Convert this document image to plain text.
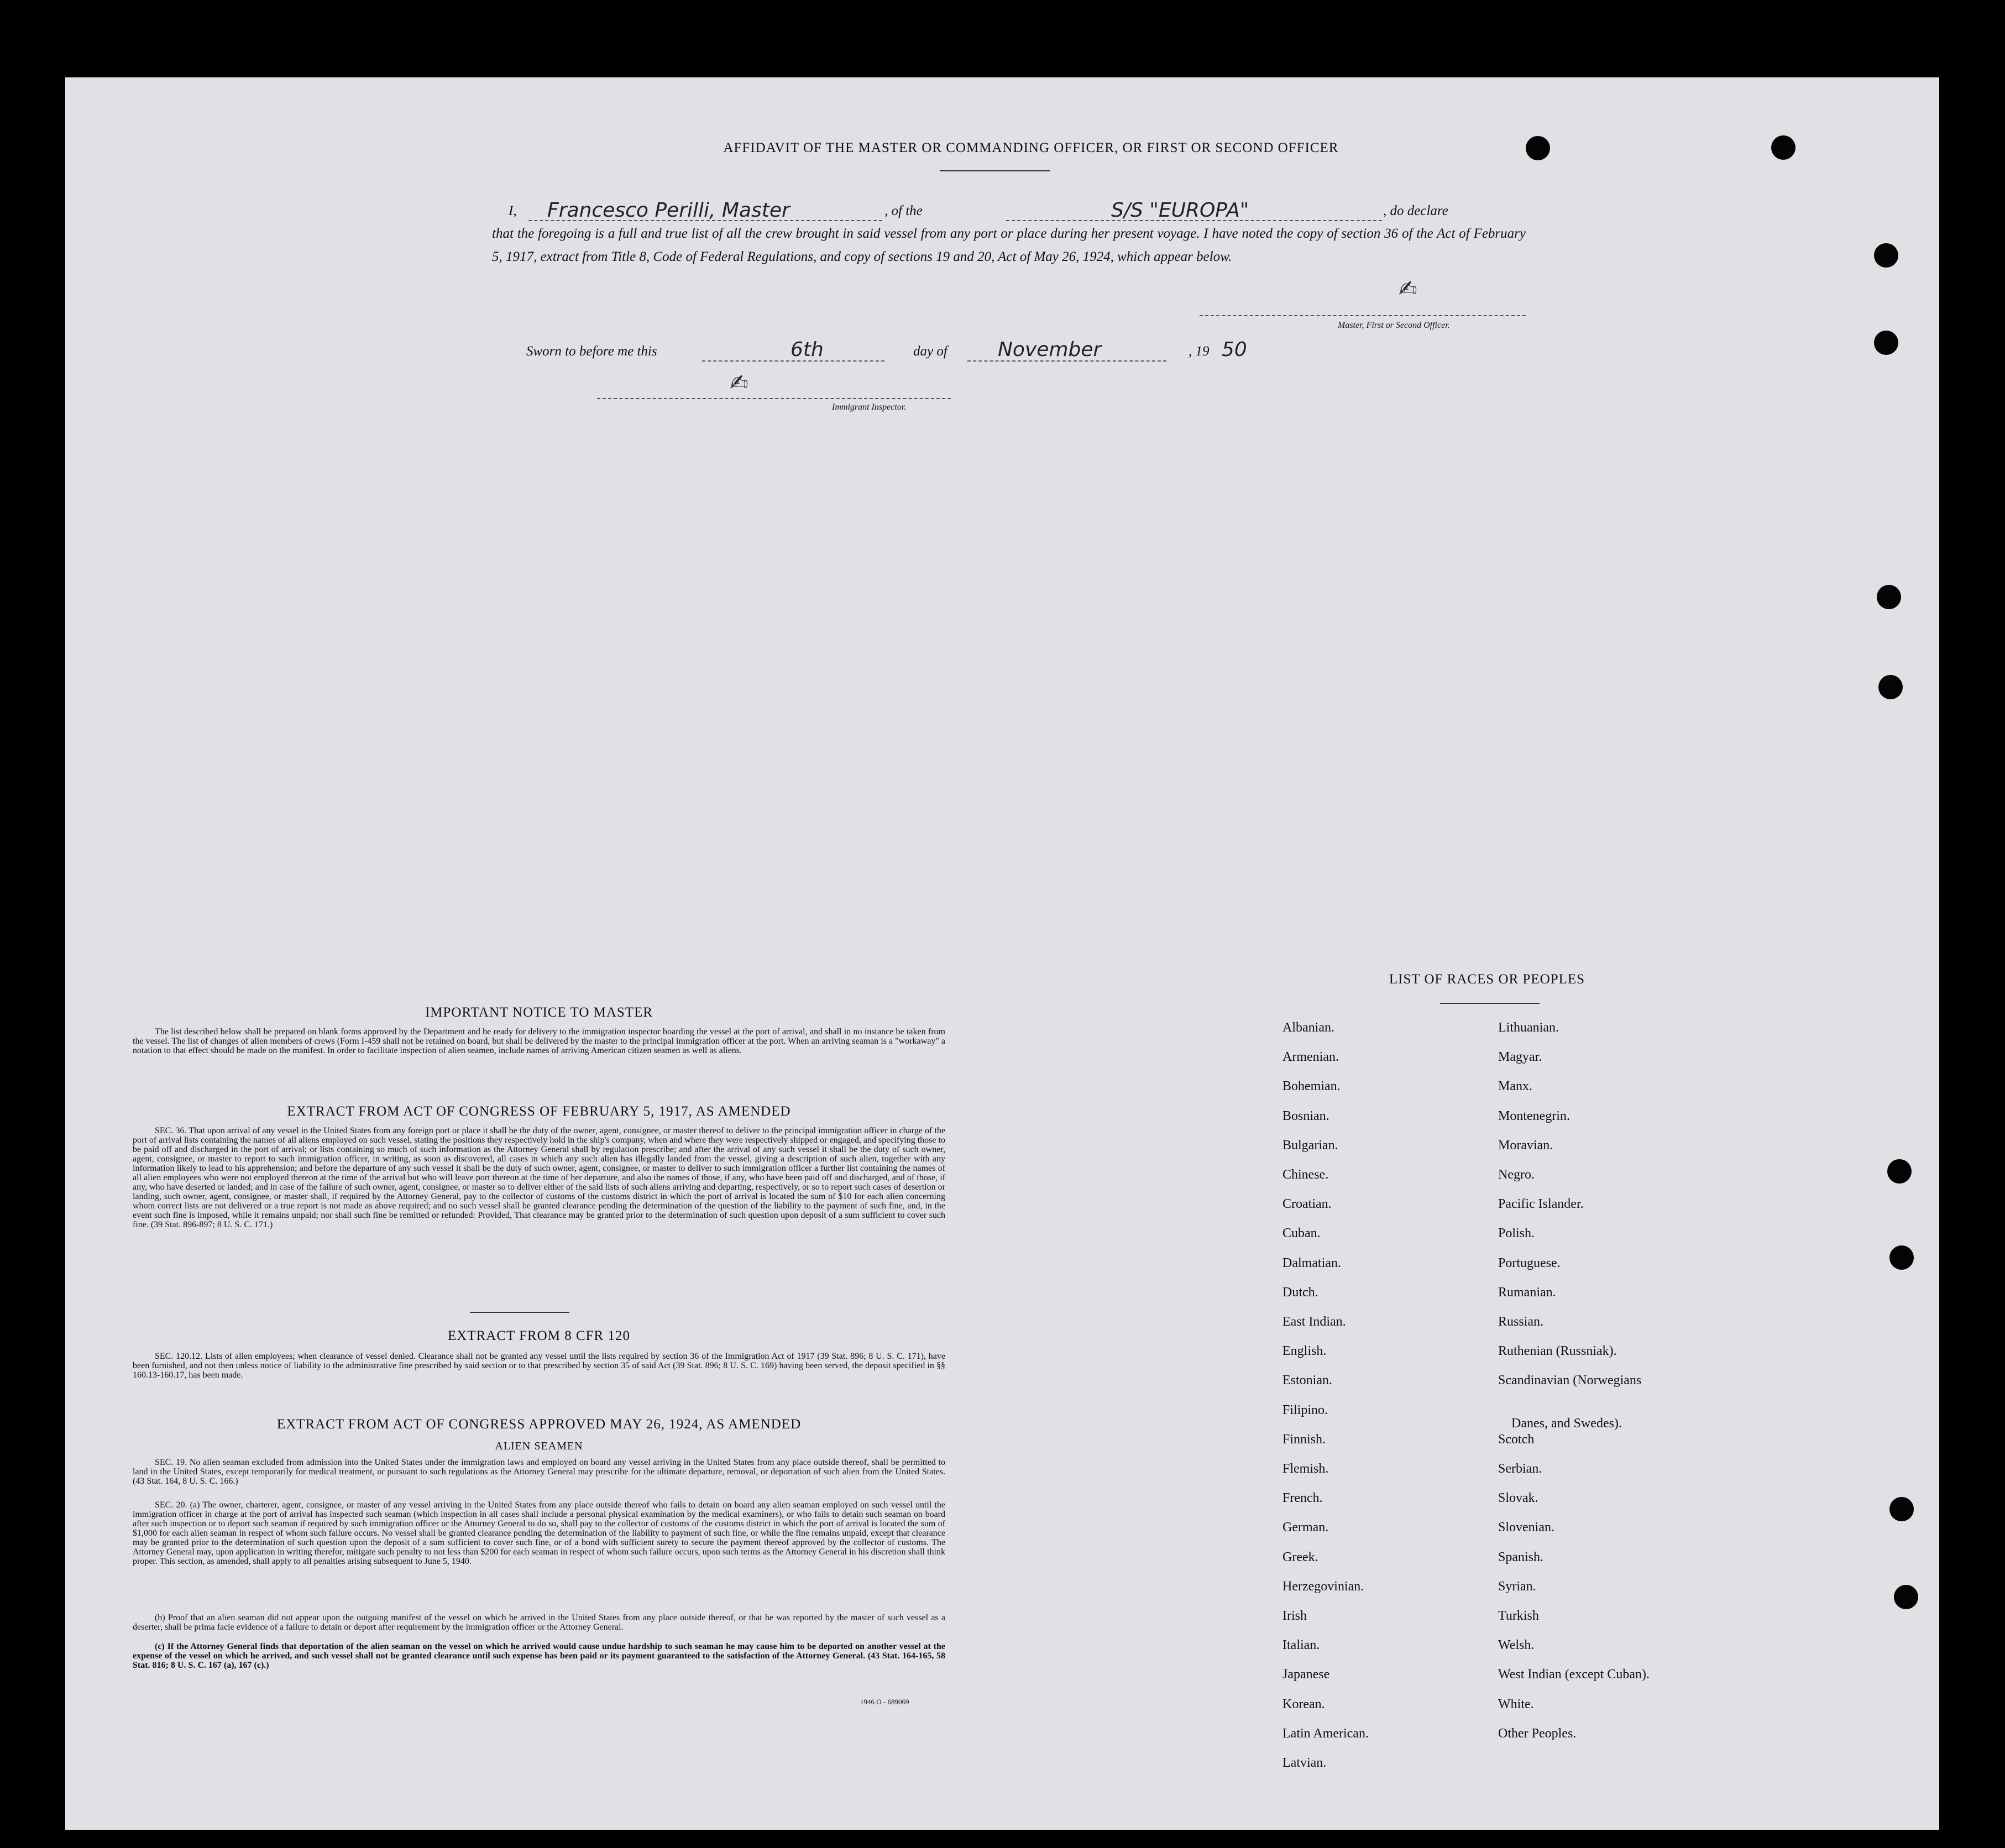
AFFIDAVIT OF THE MASTER OR COMMANDING OFFICER, OR FIRST OR SECOND OFFICER
I, Francesco Perilli, Master	, of the	S/S "EUROPA"	, do declare
that the foregoing is a full and true list of all the crew brought in said vessel from any port or place during her present voyage. I have noted the copy of section 36 of the Act of February 5, 1917, extract from Title 8, Code of Federal Regulations, and copy of sections 19 and 20, Act of May 26, 1924, which appear below.
✍
Master, First or Second Officer.
Sworn to before me this	6th	day of	November	, 19 50
✍
Immigrant Inspector.
IMPORTANT NOTICE TO MASTER
The list described below shall be prepared on blank forms approved by the Department and be ready for delivery to the immigration inspector boarding the vessel at the port of arrival, and shall in no instance be taken from the vessel. The list of changes of alien members of crews (Form I-459 shall not be retained on board, but shall be delivered by the master to the principal immigration officer at the port. When an arriving seaman is a "workaway" a notation to that effect should be made on the manifest. In order to facilitate inspection of alien seamen, include names of arriving American citizen seamen as well as aliens.
EXTRACT FROM ACT OF CONGRESS OF FEBRUARY 5, 1917, AS AMENDED
SEC. 36. That upon arrival of any vessel in the United States from any foreign port or place it shall be the duty of the owner, agent, consignee, or master thereof to deliver to the principal immigration officer in charge of the port of arrival lists containing the names of all aliens employed on such vessel, stating the positions they respectively hold in the ship's company, when and where they were respectively shipped or engaged, and specifying those to be paid off and discharged in the port of arrival; or lists containing so much of such information as the Attorney General shall by regulation prescribe; and after the arrival of any such vessel it shall be the duty of such owner, agent, consignee, or master to report to such immigration officer, in writing, as soon as discovered, all cases in which any such alien has illegally landed from the vessel, giving a description of such alien, together with any information likely to lead to his apprehension; and before the departure of any such vessel it shall be the duty of such owner, agent, consignee, or master to deliver to such immigration officer a further list containing the names of all alien employees who were not employed thereon at the time of the arrival but who will leave port thereon at the time of her departure, and also the names of those, if any, who have been paid off and discharged, and of those, if any, who have deserted or landed; and in case of the failure of such owner, agent, consignee, or master so to deliver either of the said lists of such aliens arriving and departing, respectively, or so to report such cases of desertion or landing, such owner, agent, consignee, or master shall, if required by the Attorney General, pay to the collector of customs of the customs district in which the port of arrival is located the sum of $10 for each alien concerning whom correct lists are not delivered or a true report is not made as above required; and no such vessel shall be granted clearance pending the determination of the question of the liability to the payment of such fine, and, in the event such fine is imposed, while it remains unpaid; nor shall such fine be remitted or refunded: Provided, That clearance may be granted prior to the determination of such question upon deposit of a sum sufficient to cover such fine. (39 Stat. 896-897; 8 U. S. C. 171.)
EXTRACT FROM 8 CFR 120
SEC. 120.12. Lists of alien employees; when clearance of vessel denied. Clearance shall not be granted any vessel until the lists required by section 36 of the Immigration Act of 1917 (39 Stat. 896; 8 U. S. C. 171), have been furnished, and not then unless notice of liability to the administrative fine prescribed by said section or to that prescribed by section 35 of said Act (39 Stat. 896; 8 U. S. C. 169) having been served, the deposit specified in §§ 160.13-160.17, has been made.
EXTRACT FROM ACT OF CONGRESS APPROVED MAY 26, 1924, AS AMENDED
ALIEN SEAMEN
SEC. 19. No alien seaman excluded from admission into the United States under the immigration laws and employed on board any vessel arriving in the United States from any place outside thereof, shall be permitted to land in the United States, except temporarily for medical treatment, or pursuant to such regulations as the Attorney General may prescribe for the ultimate departure, removal, or deportation of such alien from the United States. (43 Stat. 164, 8 U. S. C. 166.)
SEC. 20. (a) The owner, charterer, agent, consignee, or master of any vessel arriving in the United States from any place outside thereof who fails to detain on board any alien seaman employed on such vessel until the immigration officer in charge at the port of arrival has inspected such seaman (which inspection in all cases shall include a personal physical examination by the medical examiners), or who fails to detain such seaman on board after such inspection or to deport such seaman if required by such immigration officer or the Attorney General to do so, shall pay to the collector of customs of the customs district in which the port of arrival is located the sum of $1,000 for each alien seaman in respect of whom such failure occurs. No vessel shall be granted clearance pending the determination of the liability to payment of such fine, or while the fine remains unpaid, except that clearance may be granted prior to the determination of such question upon the deposit of a sum sufficient to cover such fine, or of a bond with sufficient surety to secure the payment thereof approved by the collector of customs. The Attorney General may, upon application in writing therefor, mitigate such penalty to not less than $200 for each seaman in respect of whom such failure occurs, upon such terms as the Attorney General in his discretion shall think proper. This section, as amended, shall apply to all penalties arising subsequent to June 5, 1940.
(b) Proof that an alien seaman did not appear upon the outgoing manifest of the vessel on which he arrived in the United States from any place outside thereof, or that he was reported by the master of such vessel as a deserter, shall be prima facie evidence of a failure to detain or deport after requirement by the immigration officer or the Attorney General.
(c) If the Attorney General finds that deportation of the alien seaman on the vessel on which he arrived would cause undue hardship to such seaman he may cause him to be deported on another vessel at the expense of the vessel on which he arrived, and such vessel shall not be granted clearance until such expense has been paid or its payment guaranteed to the satisfaction of the Attorney General. (43 Stat. 164-165, 58 Stat. 816; 8 U. S. C. 167 (a), 167 (c).)
1946 O - 689069
LIST OF RACES OR PEOPLES
Albanian.
Armenian.
Bohemian.
Bosnian.
Bulgarian.
Chinese.
Croatian.
Cuban.
Dalmatian.
Dutch.
East Indian.
English.
Estonian.
Filipino.
Finnish.
Flemish.
French.
German.
Greek.
Herzegovinian.
Irish
Italian.
Japanese
Korean.
Latin American.
Latvian.
Lithuanian.
Magyar.
Manx.
Montenegrin.
Moravian.
Negro.
Pacific Islander.
Polish.
Portuguese.
Rumanian.
Russian.
Ruthenian (Russniak).
Scandinavian (Norwegians
Danes, and Swedes).
Scotch
Serbian.
Slovak.
Slovenian.
Spanish.
Syrian.
Turkish
Welsh.
West Indian (except Cuban).
White.
Other Peoples.
